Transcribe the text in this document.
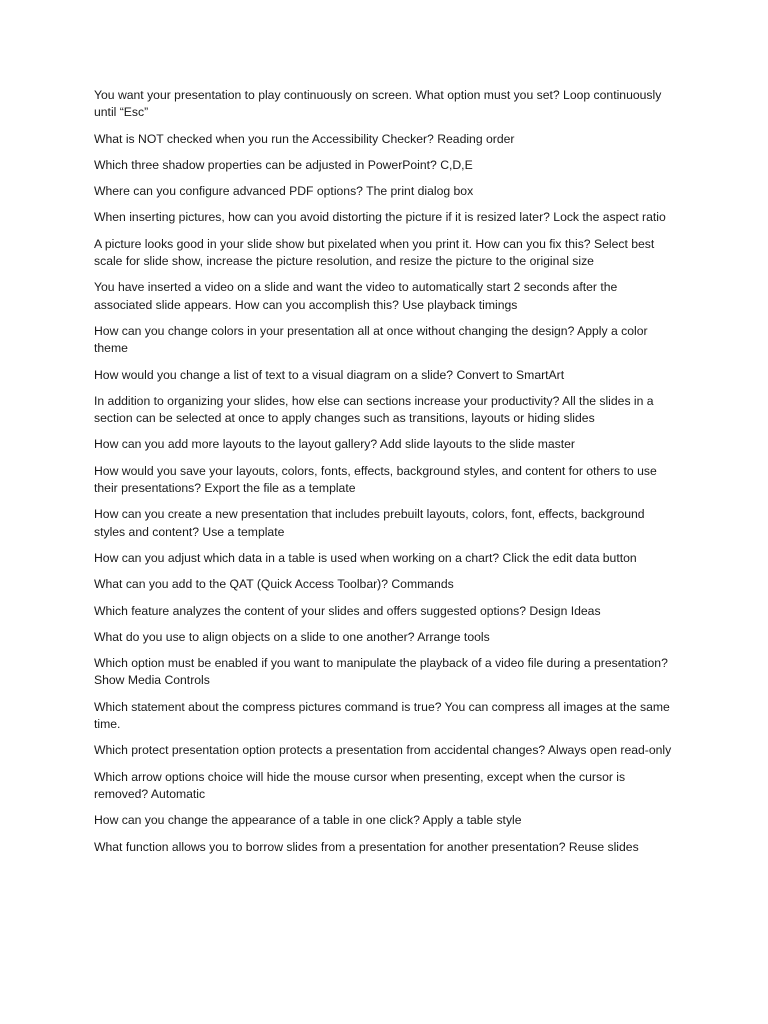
You want your presentation to play continuously on screen. What option must you set? Loop continuously until “Esc”

What is NOT checked when you run the Accessibility Checker? Reading order

Which three shadow properties can be adjusted in PowerPoint? C,D,E

Where can you configure advanced PDF options? The print dialog box

When inserting pictures, how can you avoid distorting the picture if it is resized later? Lock the aspect ratio

A picture looks good in your slide show but pixelated when you print it. How can you fix this? Select best scale for slide show, increase the picture resolution, and resize the picture to the original size

You have inserted a video on a slide and want the video to automatically start 2 seconds after the associated slide appears. How can you accomplish this? Use playback timings

How can you change colors in your presentation all at once without changing the design? Apply a color theme

How would you change a list of text to a visual diagram on a slide? Convert to SmartArt

In addition to organizing your slides, how else can sections increase your productivity? All the slides in a section can be selected at once to apply changes such as transitions, layouts or hiding slides

How can you add more layouts to the layout gallery? Add slide layouts to the slide master

How would you save your layouts, colors, fonts, effects, background styles, and content for others to use their presentations? Export the file as a template

How can you create a new presentation that includes prebuilt layouts, colors, font, effects, background styles and content? Use a template

How can you adjust which data in a table is used when working on a chart? Click the edit data button

What can you add to the QAT (Quick Access Toolbar)? Commands

Which feature analyzes the content of your slides and offers suggested options? Design Ideas

What do you use to align objects on a slide to one another? Arrange tools

Which option must be enabled if you want to manipulate the playback of a video file during a presentation? Show Media Controls

Which statement about the compress pictures command is true? You can compress all images at the same time.

Which protect presentation option protects a presentation from accidental changes? Always open read-only

Which arrow options choice will hide the mouse cursor when presenting, except when the cursor is removed? Automatic

How can you change the appearance of a table in one click? Apply a table style

What function allows you to borrow slides from a presentation for another presentation? Reuse slides
